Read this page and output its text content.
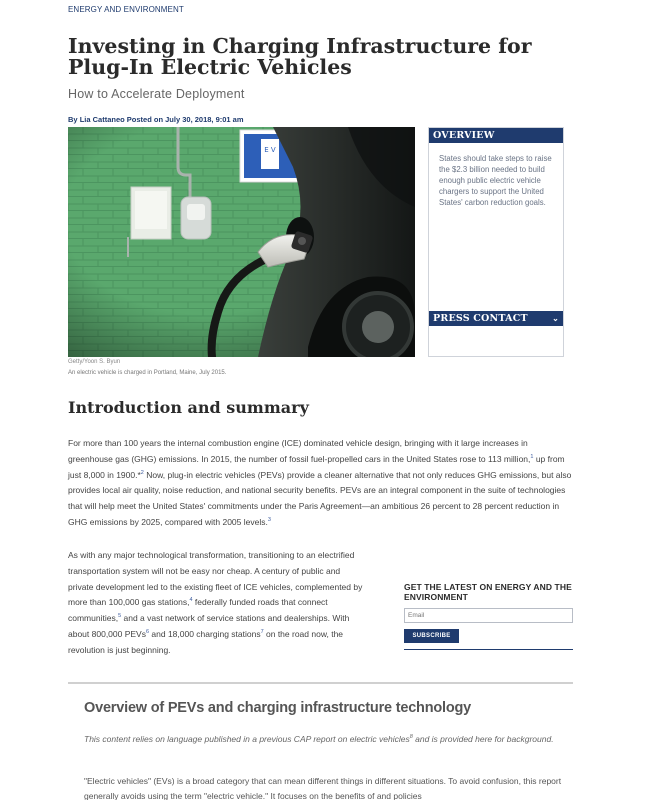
ENERGY AND ENVIRONMENT
Investing in Charging Infrastructure for Plug-In Electric Vehicles
How to Accelerate Deployment
By Lia Cattaneo Posted on July 30, 2018, 9:01 am
E V
Getty/Yoon S. Byun
An electric vehicle is charged in Portland, Maine, July 2015.
OVERVIEW

States should take steps to raise the $2.3 billion needed to build enough public electric vehicle chargers to support the United States' carbon reduction goals.

PRESS CONTACT	⌄
Introduction and summary

For more than 100 years the internal combustion engine (ICE) dominated vehicle design, bringing with it large increases in greenhouse gas (GHG) emissions. In 2015, the number of fossil fuel-propelled cars in the United States rose to 113 million,$^1$ up from just 8,000 in 1900.*$^2$ Now, plug-in electric vehicles (PEVs) provide a cleaner alternative that not only reduces GHG emissions, but also provides local air quality, noise reduction, and national security benefits. PEVs are an integral component in the suite of technologies that will help meet the United States' commitments under the Paris Agreement—an ambitious 26 percent to 28 percent reduction in GHG emissions by 2025, compared with 2005 levels.$^3$

As with any major technological transformation, transitioning to an electrified transportation system will not be easy nor cheap. A century of public and private development led to the existing fleet of ICE vehicles, complemented by more than 100,000 gas stations,$^4$ federally funded roads that connect communities,$^5$ and a vast network of service stations and dealerships. With about 800,000 PEVs$^6$ and 18,000 charging stations$^7$ on the road now, the revolution is just beginning.

GET THE LATEST ON ENERGY AND THE ENVIRONMENT
Email
SUBSCRIBE
Overview of PEVs and charging infrastructure technology

This content relies on language published in a previous CAP report on electric vehicles$^8$ and is provided here for background.

"Electric vehicles" (EVs) is a broad category that can mean different things in different situations. To avoid confusion, this report generally avoids using the term "electric vehicle." It focuses on the benefits of and policies
